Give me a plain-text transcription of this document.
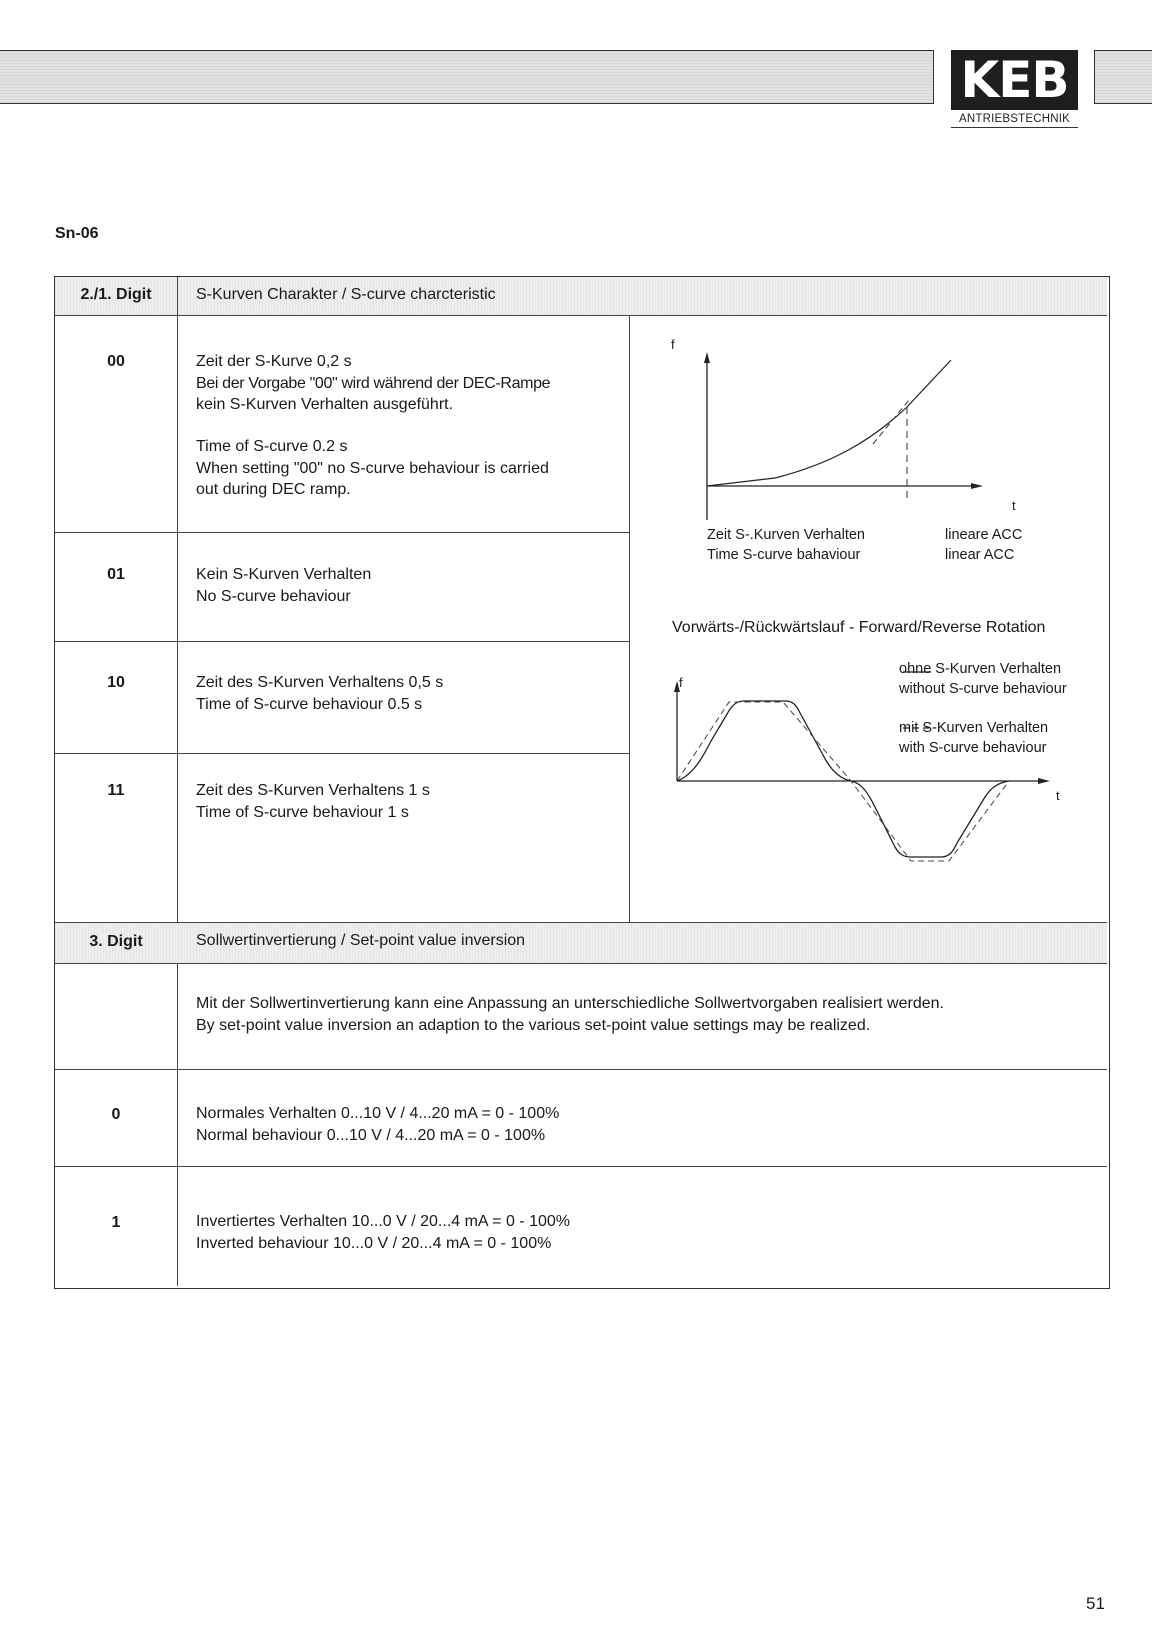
KEB
ANTRIEBSTECHNIK
Sn-06
2./1. Digit	S-Kurven Charakter / S-curve charcteristic
00	Zeit der S-Kurve 0,2 s
Bei der Vorgabe "00" wird während der DEC-Rampe
kein S-Kurven Verhalten ausgeführt.
Time of S-curve 0.2 s
When setting "00" no S-curve behaviour is carried
out during DEC ramp.
01	Kein S-Kurven Verhalten
No S-curve behaviour
10	Zeit des S-Kurven Verhaltens 0,5 s
Time of S-curve behaviour 0.5 s
11	Zeit des S-Kurven Verhaltens 1 s
Time of S-curve behaviour 1 s
f
t
Zeit S-.Kurven Verhalten
Time S-curve bahaviour
lineare ACC
linear ACC
Vorwärts-/Rückwärtslauf - Forward/Reverse Rotation
f
t
ohne S-Kurven Verhalten
without S-curve behaviour
mit S-Kurven Verhalten
with S-curve behaviour
3. Digit	Sollwertinvertierung / Set-point value inversion
Mit der Sollwertinvertierung kann eine Anpassung an unterschiedliche Sollwertvorgaben realisiert werden.
By set-point value inversion an adaption to the various set-point value settings may be realized.
0	Normales Verhalten 0...10 V / 4...20 mA = 0 - 100%
Normal behaviour 0...10 V / 4...20 mA = 0 - 100%
1	Invertiertes Verhalten 10...0 V / 20...4 mA = 0 - 100%
Inverted behaviour 10...0 V / 20...4 mA = 0 - 100%
51
